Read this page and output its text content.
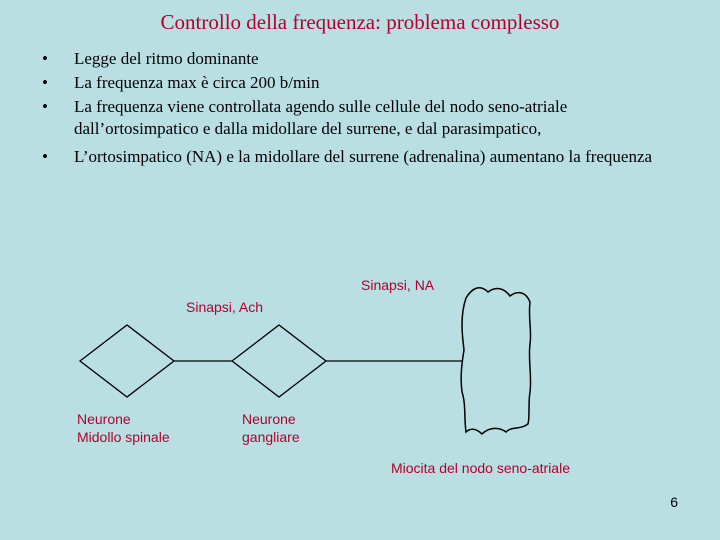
Controllo della frequenza: problema complesso
• Legge del ritmo dominante
• La frequenza max è circa 200 b/min
• La frequenza viene controllata agendo sulle cellule del nodo seno-atriale dall’ortosimpatico e dalla midollare del surrene, e dal parasimpatico,
• L’ortosimpatico (NA) e la midollare del surrene (adrenalina) aumentano la frequenza
Sinapsi, NA
Sinapsi, Ach
Neurone
Midollo spinale
Neurone
gangliare
Miocita del nodo seno-atriale
6
